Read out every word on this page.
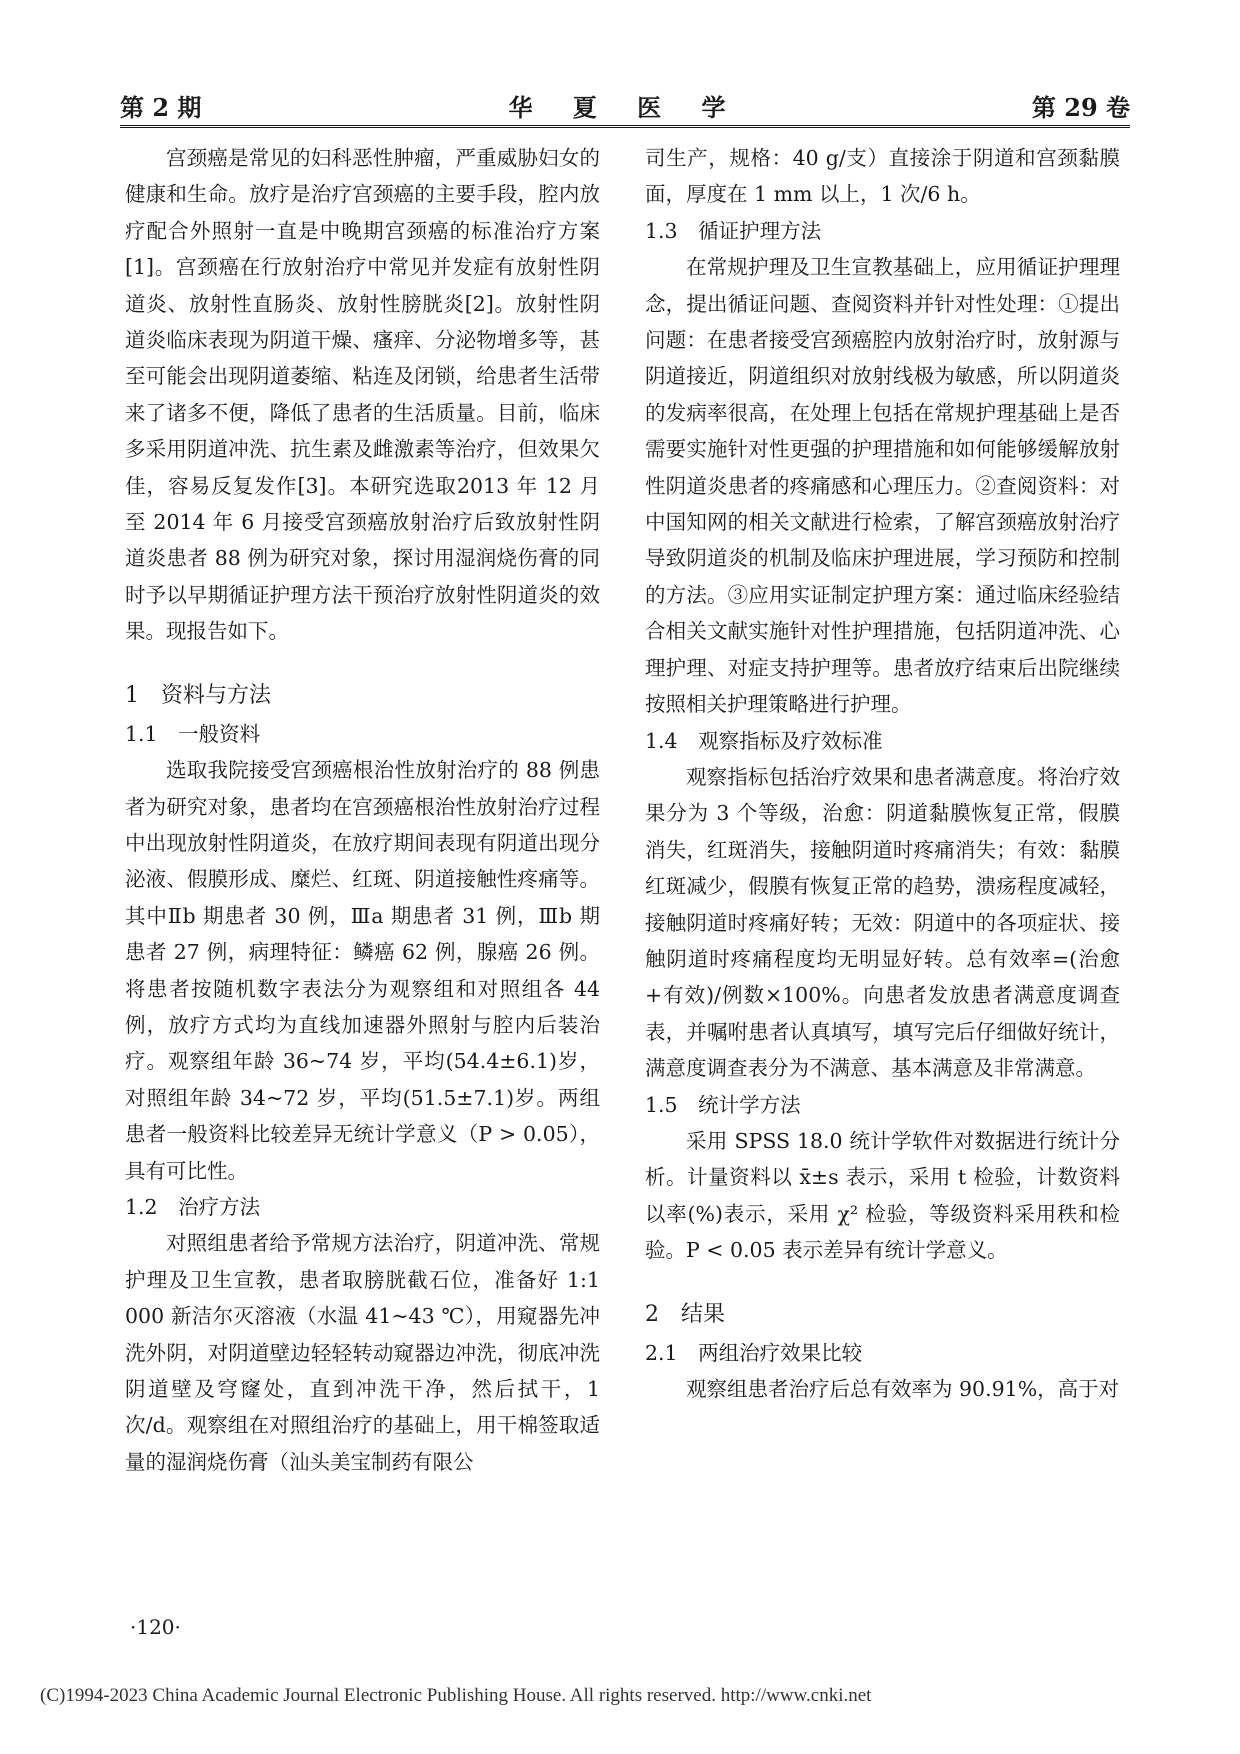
第 2 期	华 夏 医 学	第 29 卷

宫颈癌是常见的妇科恶性肿瘤，严重威胁妇女的健康和生命。放疗是治疗宫颈癌的主要手段，腔内放疗配合外照射一直是中晚期宫颈癌的标准治疗方案[1]。宫颈癌在行放射治疗中常见并发症有放射性阴道炎、放射性直肠炎、放射性膀胱炎[2]。放射性阴道炎临床表现为阴道干燥、瘙痒、分泌物增多等，甚至可能会出现阴道萎缩、粘连及闭锁，给患者生活带来了诸多不便，降低了患者的生活质量。目前，临床多采用阴道冲洗、抗生素及雌激素等治疗，但效果欠佳，容易反复发作[3]。本研究选取2013 年 12 月至 2014 年 6 月接受宫颈癌放射治疗后致放射性阴道炎患者 88 例为研究对象，探讨用湿润烧伤膏的同时予以早期循证护理方法干预治疗放射性阴道炎的效果。现报告如下。

1　资料与方法
1.1　一般资料

选取我院接受宫颈癌根治性放射治疗的 88 例患者为研究对象，患者均在宫颈癌根治性放射治疗过程中出现放射性阴道炎，在放疗期间表现有阴道出现分泌液、假膜形成、糜烂、红斑、阴道接触性疼痛等。其中Ⅱb 期患者 30 例，Ⅲa 期患者 31 例，Ⅲb 期患者 27 例，病理特征：鳞癌 62 例，腺癌 26 例。将患者按随机数字表法分为观察组和对照组各 44 例，放疗方式均为直线加速器外照射与腔内后装治疗。观察组年龄 36~74 岁，平均(54.4±6.1)岁，对照组年龄 34~72 岁，平均(51.5±7.1)岁。两组患者一般资料比较差异无统计学意义（P > 0.05），具有可比性。

1.2　治疗方法

对照组患者给予常规方法治疗，阴道冲洗、常规护理及卫生宣教，患者取膀胱截石位，准备好 1:1 000 新洁尔灭溶液（水温 41~43 ℃），用窥器先冲洗外阴，对阴道壁边轻轻转动窥器边冲洗，彻底冲洗阴道壁及穹窿处，直到冲洗干净，然后拭干，1 次/d。观察组在对照组治疗的基础上，用干棉签取适量的湿润烧伤膏（汕头美宝制药有限公

司生产，规格：40 g/支）直接涂于阴道和宫颈黏膜面，厚度在 1 mm 以上，1 次/6 h。

1.3　循证护理方法

在常规护理及卫生宣教基础上，应用循证护理理念，提出循证问题、查阅资料并针对性处理：①提出问题：在患者接受宫颈癌腔内放射治疗时，放射源与阴道接近，阴道组织对放射线极为敏感，所以阴道炎的发病率很高，在处理上包括在常规护理基础上是否需要实施针对性更强的护理措施和如何能够缓解放射性阴道炎患者的疼痛感和心理压力。②查阅资料：对中国知网的相关文献进行检索，了解宫颈癌放射治疗导致阴道炎的机制及临床护理进展，学习预防和控制的方法。③应用实证制定护理方案：通过临床经验结合相关文献实施针对性护理措施，包括阴道冲洗、心理护理、对症支持护理等。患者放疗结束后出院继续按照相关护理策略进行护理。

1.4　观察指标及疗效标准

观察指标包括治疗效果和患者满意度。将治疗效果分为 3 个等级，治愈：阴道黏膜恢复正常，假膜消失，红斑消失，接触阴道时疼痛消失；有效：黏膜红斑减少，假膜有恢复正常的趋势，溃疡程度减轻，接触阴道时疼痛好转；无效：阴道中的各项症状、接触阴道时疼痛程度均无明显好转。总有效率=(治愈+有效)/例数×100%。向患者发放患者满意度调查表，并嘱咐患者认真填写，填写完后仔细做好统计，满意度调查表分为不满意、基本满意及非常满意。

1.5　统计学方法

采用 SPSS 18.0 统计学软件对数据进行统计分析。计量资料以 x̄±s 表示，采用 t 检验，计数资料以率(%)表示，采用 χ² 检验，等级资料采用秩和检验。P < 0.05 表示差异有统计学意义。

2　结果
2.1　两组治疗效果比较

观察组患者治疗后总有效率为 90.91%，高于对

·120·
(C)1994-2023 China Academic Journal Electronic Publishing House. All rights reserved. http://www.cnki.net
